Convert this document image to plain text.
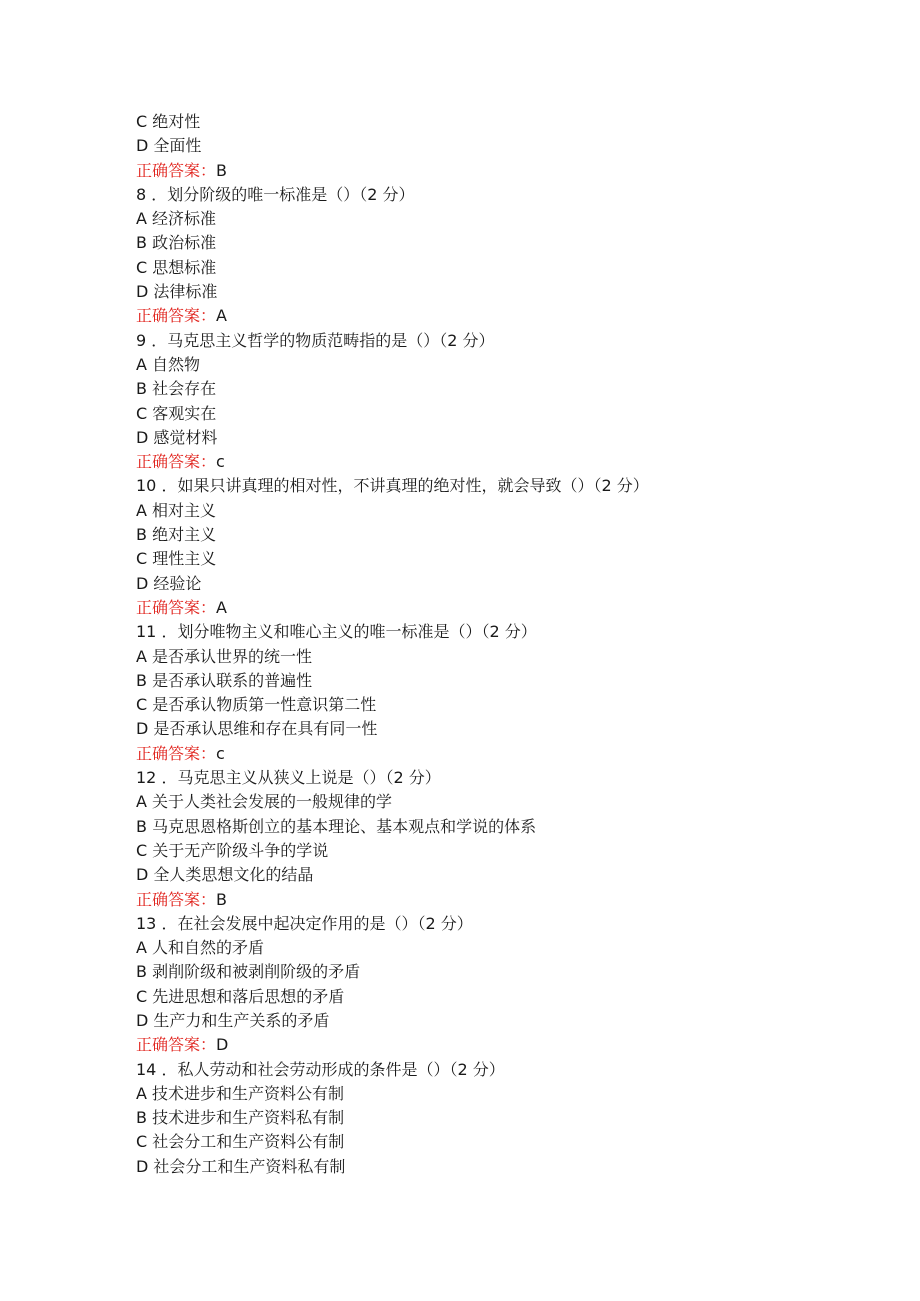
C 绝对性
D 全面性
正确答案：B
8 ．划分阶级的唯一标准是（）（2 分）
A 经济标准
B 政治标准
C 思想标准
D 法律标准
正确答案：A
9 ．马克思主义哲学的物质范畴指的是（）（2 分）
A 自然物
B 社会存在
C 客观实在
D 感觉材料
正确答案：c
10 ．如果只讲真理的相对性，不讲真理的绝对性，就会导致（）（2 分）
A 相对主义
B 绝对主义
C 理性主义
D 经验论
正确答案：A
11 ．划分唯物主义和唯心主义的唯一标准是（）（2 分）
A 是否承认世界的统一性
B 是否承认联系的普遍性
C 是否承认物质第一性意识第二性
D 是否承认思维和存在具有同一性
正确答案：c
12 ．马克思主义从狭义上说是（）（2 分）
A 关于人类社会发展的一般规律的学
B 马克思恩格斯创立的基本理论、基本观点和学说的体系
C 关于无产阶级斗争的学说
D 全人类思想文化的结晶
正确答案：B
13 ．在社会发展中起决定作用的是（）（2 分）
A 人和自然的矛盾
B 剥削阶级和被剥削阶级的矛盾
C 先进思想和落后思想的矛盾
D 生产力和生产关系的矛盾
正确答案：D
14 ．私人劳动和社会劳动形成的条件是（）（2 分）
A 技术进步和生产资料公有制
B 技术进步和生产资料私有制
C 社会分工和生产资料公有制
D 社会分工和生产资料私有制
